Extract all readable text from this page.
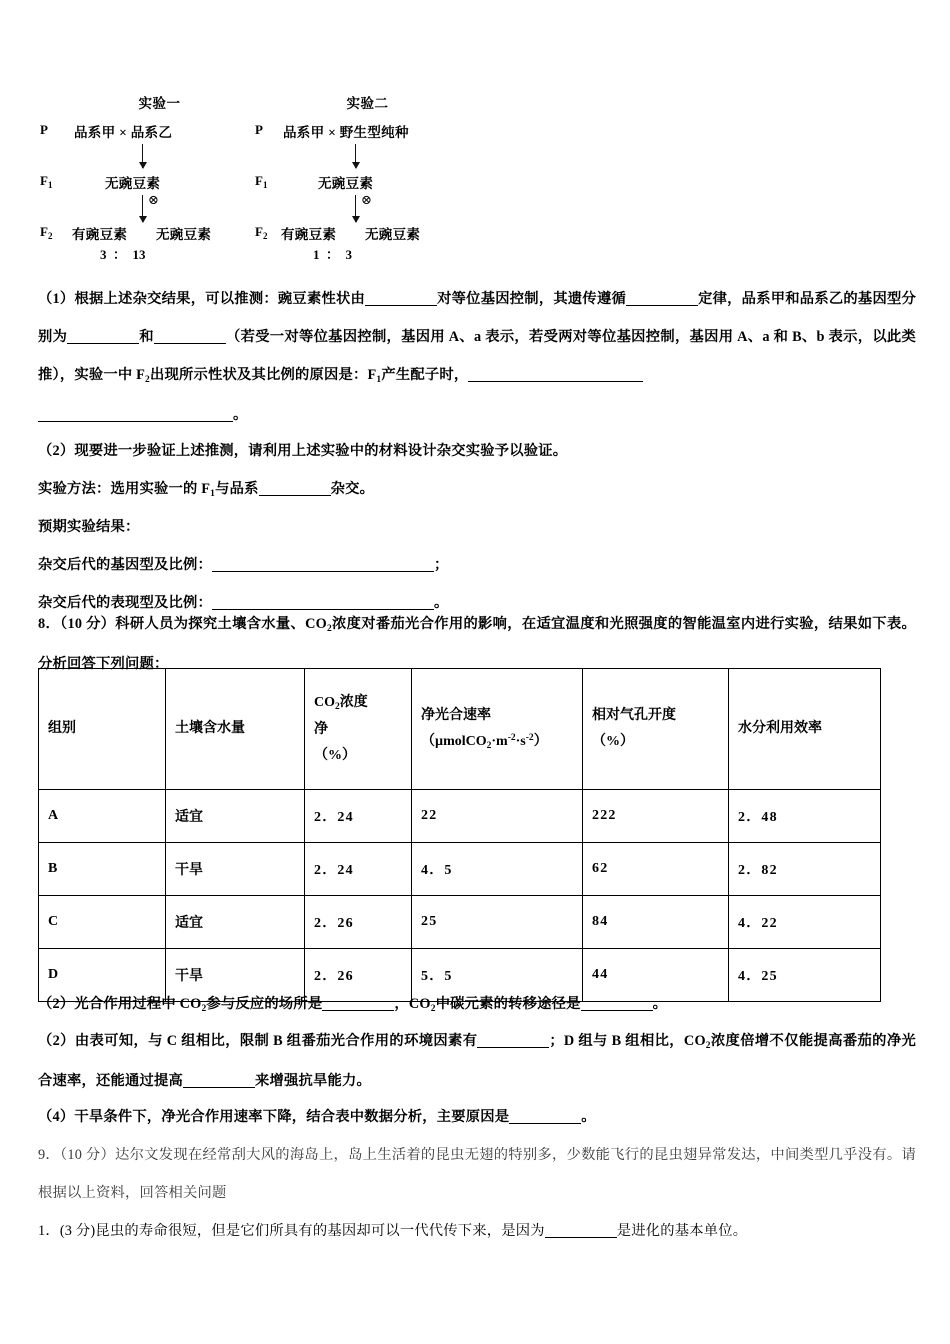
实验一
P 品系甲 × 品系乙
$F_1$	无豌豆素
⊗
$F_2$ 有豌豆素 无豌豆素
3  ：  13
实验二
P 品系甲 × 野生型纯种
$F_1$	无豌豆素
⊗
$F_2$ 有豌豆素 无豌豆素
1  ：  3
（1）根据上述杂交结果，可以推测：豌豆素性状由	对等位基因控制，其遗传遵循	定律，品系甲和品系乙的基因型分别为	和	（若受一对等位基因控制，基因用 A、a 表示，若受两对等位基因控制，基因用 A、a 和 B、b 表示，以此类推），实验一中 $F_2$出现所示性状及其比例的原因是：$F_1$产生配子时，
。
（2）现要进一步验证上述推测，请利用上述实验中的材料设计杂交实验予以验证。
实验方法：选用实验一的 $F_1$与品系	杂交。
预期实验结果：
杂交后代的基因型及比例：	；
杂交后代的表现型及比例：	。
8．（10 分）科研人员为探究土壤含水量、$CO_2$浓度对番茄光合作用的影响，在适宜温度和光照强度的智能温室内进行实验，结果如下表。分析回答下列问题：
组别	土壤含水量

$CO_2$浓度
净
（%）

净光合速率
$(\mu molCO_2\cdot m^{-2}\cdot s^{-2})$

相对气孔开度
（%）

水分利用效率

A	适宜	2．24	22	222	2．48
B	干旱	2．24	4．5	62	2．82
C	适宜	2．26	25	84	4．22
D	干旱	2．26	5．5	44	4．25
（2）光合作用过程中 $CO_2$参与反应的场所是	，$CO_2$中碳元素的转移途径是	。
（2）由表可知，与 C 组相比，限制 B 组番茄光合作用的环境因素有	；D 组与 B 组相比，$CO_2$浓度倍增不仅能提高番茄的净光合速率，还能通过提高	来增强抗旱能力。
（4）干旱条件下，净光合作用速率下降，结合表中数据分析，主要原因是	。
9．（10 分）达尔文发现在经常刮大风的海岛上，岛上生活着的昆虫无翅的特别多，少数能飞行的昆虫翅异常发达，中间类型几乎没有。请根据以上资料，回答相关问题
1．(3 分)昆虫的寿命很短，但是它们所具有的基因却可以一代代传下来，是因为	是进化的基本单位。
